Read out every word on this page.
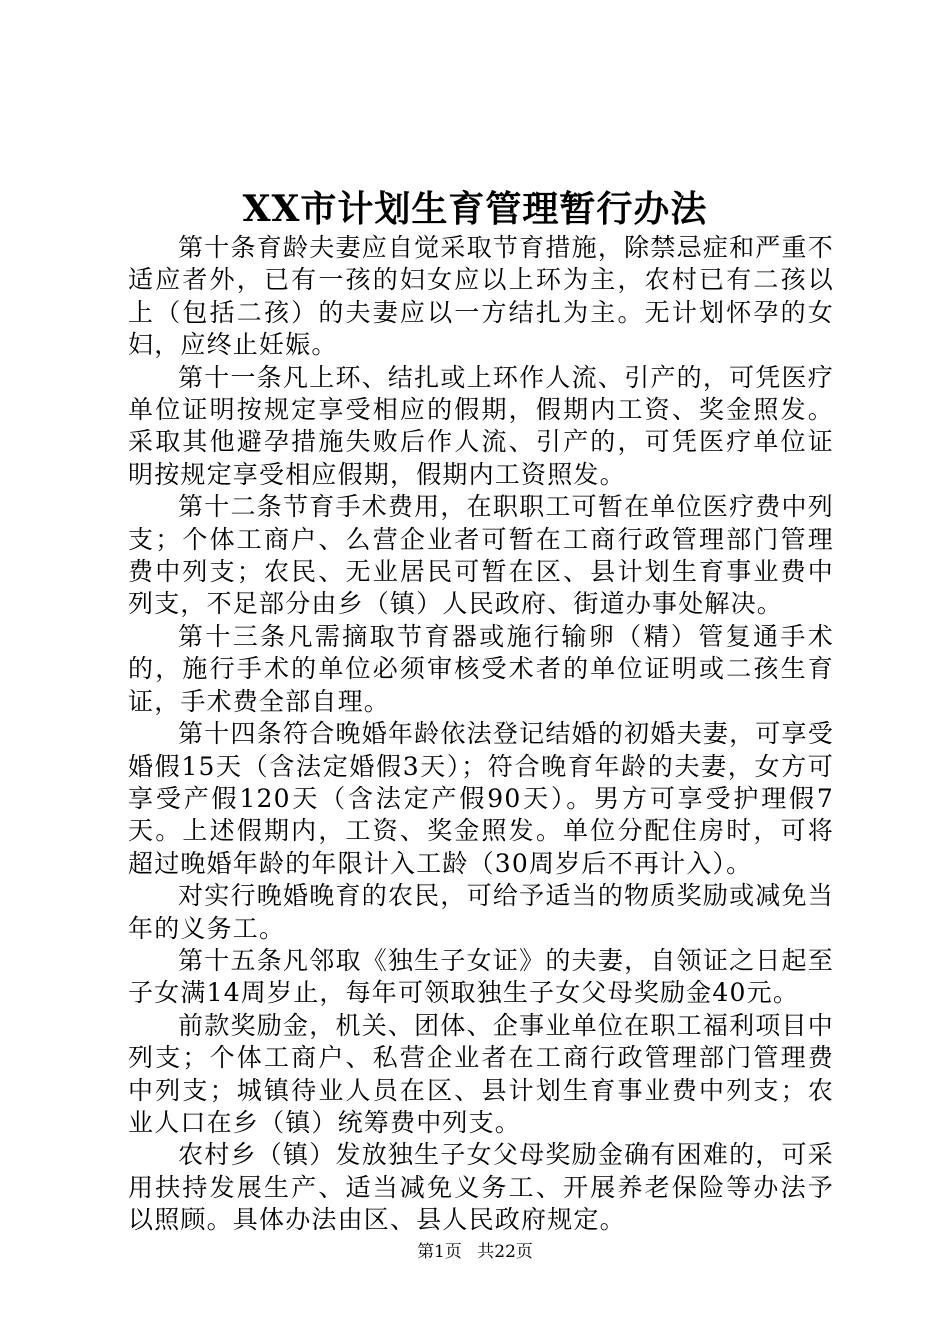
XX市计划生育管理暂行办法

第十条育龄夫妻应自觉采取节育措施，除禁忌症和严重不适应者外，已有一孩的妇女应以上环为主，农村已有二孩以上（包括二孩）的夫妻应以一方结扎为主。无计划怀孕的女妇，应终止妊娠。

第十一条凡上环、结扎或上环作人流、引产的，可凭医疗单位证明按规定享受相应的假期，假期内工资、奖金照发。采取其他避孕措施失败后作人流、引产的，可凭医疗单位证明按规定享受相应假期，假期内工资照发。

第十二条节育手术费用，在职职工可暂在单位医疗费中列支；个体工商户、么营企业者可暂在工商行政管理部门管理费中列支；农民、无业居民可暂在区、县计划生育事业费中列支，不足部分由乡（镇）人民政府、街道办事处解决。

第十三条凡需摘取节育器或施行输卵（精）管复通手术的，施行手术的单位必须审核受术者的单位证明或二孩生育证，手术费全部自理。

第十四条符合晚婚年龄依法登记结婚的初婚夫妻，可享受婚假15天（含法定婚假3天）；符合晚育年龄的夫妻，女方可享受产假120天（含法定产假90天）。男方可享受护理假7天。上述假期内，工资、奖金照发。单位分配住房时，可将超过晚婚年龄的年限计入工龄（30周岁后不再计入）。

对实行晚婚晚育的农民，可给予适当的物质奖励或减免当年的义务工。

第十五条凡邻取《独生子女证》的夫妻，自领证之日起至子女满14周岁止，每年可领取独生子女父母奖励金40元。

前款奖励金，机关、团体、企事业单位在职工福利项目中列支；个体工商户、私营企业者在工商行政管理部门管理费中列支；城镇待业人员在区、县计划生育事业费中列支；农业人口在乡（镇）统筹费中列支。

农村乡（镇）发放独生子女父母奖励金确有困难的，可采用扶持发展生产、适当减免义务工、开展养老保险等办法予以照顾。具体办法由区、县人民政府规定。

第1页 共22页
